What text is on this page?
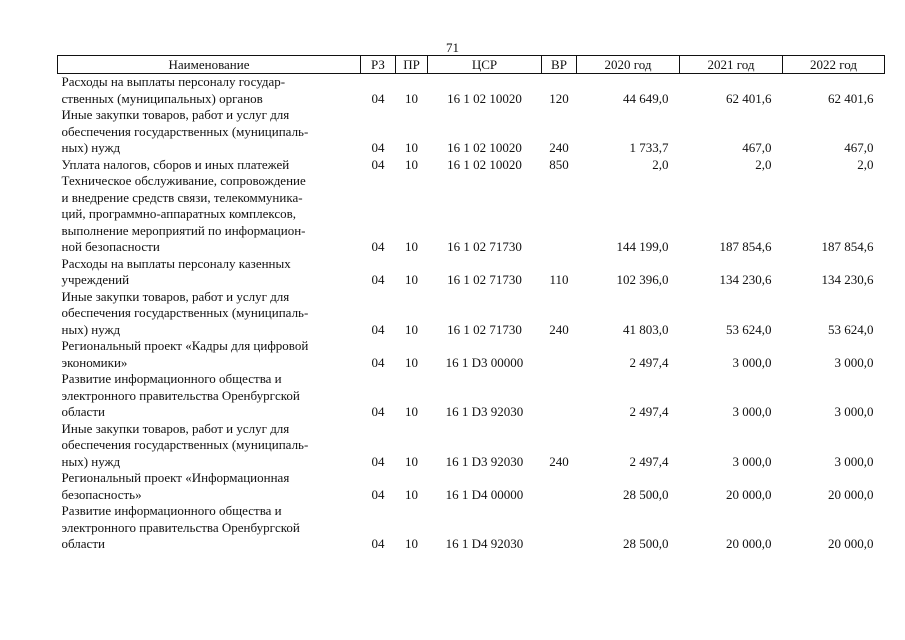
71
Наименование	РЗ	ПР	ЦСР	ВР	2020 год	2021 год	2022 год
Расходы на выплаты персоналу государ-
ственных (муниципальных) органов	04	10	16 1 02 10020	120	44 649,0	62 401,6	62 401,6
Иные закупки товаров, работ и услуг для
обеспечения государственных (муниципаль-
ных) нужд	04	10	16 1 02 10020	240	1 733,7	467,0	467,0
Уплата налогов, сборов и иных платежей	04	10	16 1 02 10020	850	2,0	2,0	2,0
Техническое обслуживание, сопровождение
и внедрение средств связи, телекоммуника-
ций, программно-аппаратных комплексов,
выполнение мероприятий по информацион-
ной безопасности	04	10	16 1 02 71730		144 199,0	187 854,6	187 854,6
Расходы на выплаты персоналу казенных
учреждений	04	10	16 1 02 71730	110	102 396,0	134 230,6	134 230,6
Иные закупки товаров, работ и услуг для
обеспечения государственных (муниципаль-
ных) нужд	04	10	16 1 02 71730	240	41 803,0	53 624,0	53 624,0
Региональный проект «Кадры для цифровой
экономики»	04	10	16 1 D3 00000		2 497,4	3 000,0	3 000,0
Развитие информационного общества и
электронного правительства Оренбургской
области	04	10	16 1 D3 92030		2 497,4	3 000,0	3 000,0
Иные закупки товаров, работ и услуг для
обеспечения государственных (муниципаль-
ных) нужд	04	10	16 1 D3 92030	240	2 497,4	3 000,0	3 000,0
Региональный проект «Информационная
безопасность»	04	10	16 1 D4 00000		28 500,0	20 000,0	20 000,0
Развитие информационного общества и
электронного правительства Оренбургской
области	04	10	16 1 D4 92030		28 500,0	20 000,0	20 000,0
